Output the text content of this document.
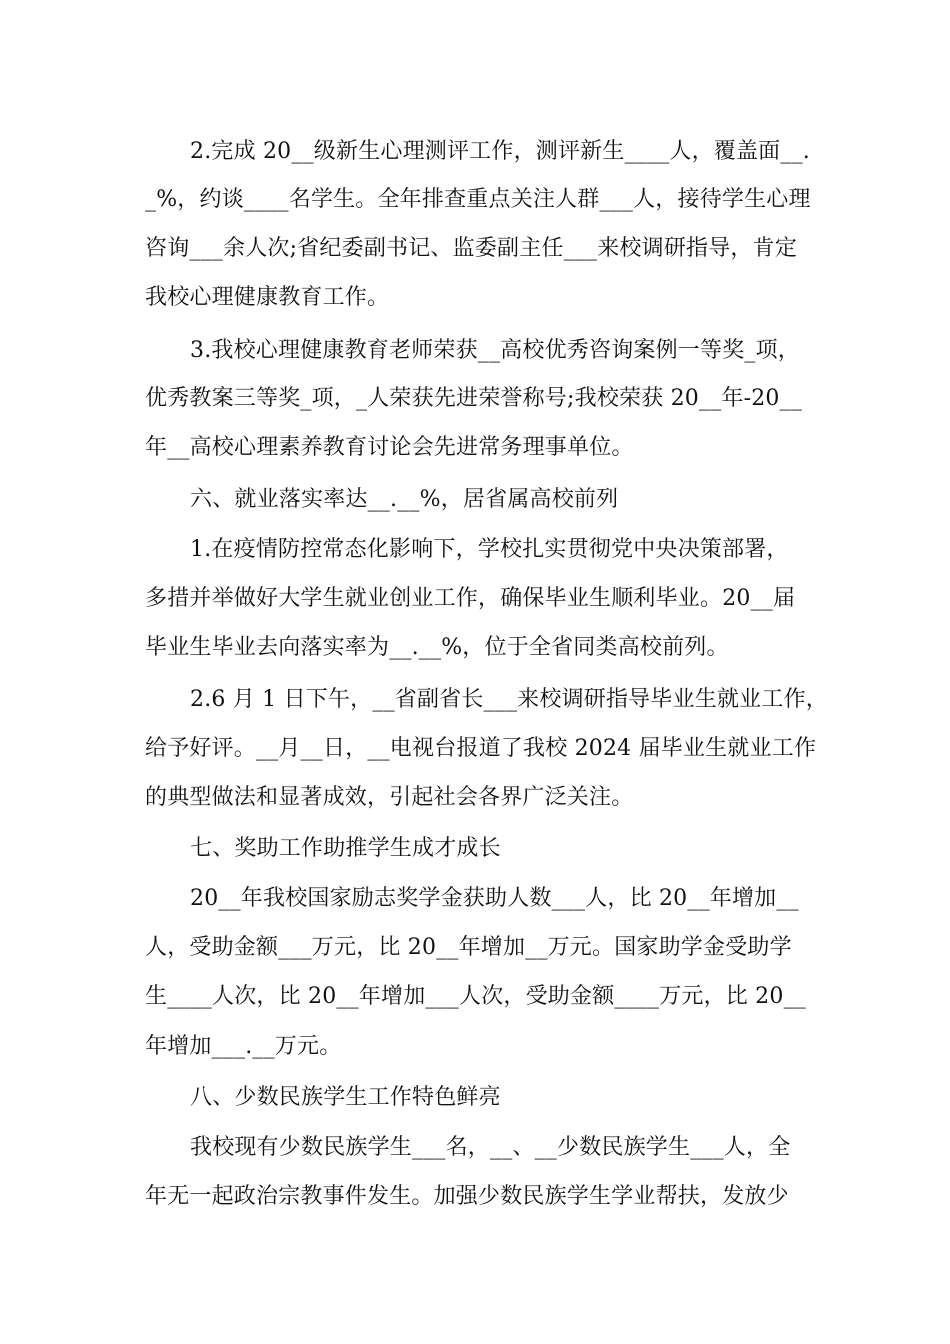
2.完成 20__级新生心理测评工作，测评新生____人，覆盖面__.
_%，约谈____名学生。全年排查重点关注人群___人，接待学生心理
咨询___余人次;省纪委副书记、监委副主任___来校调研指导，肯定
我校心理健康教育工作。
3.我校心理健康教育老师荣获__高校优秀咨询案例一等奖_项，
优秀教案三等奖_项，_人荣获先进荣誉称号;我校荣获 20__年-20__
年__高校心理素养教育讨论会先进常务理事单位。
六、就业落实率达__.__%，居省属高校前列
1.在疫情防控常态化影响下，学校扎实贯彻党中央决策部署，
多措并举做好大学生就业创业工作，确保毕业生顺利毕业。20__届
毕业生毕业去向落实率为__.__%，位于全省同类高校前列。
2.6 月 1 日下午，__省副省长___来校调研指导毕业生就业工作，
给予好评。__月__日，__电视台报道了我校 2024 届毕业生就业工作
的典型做法和显著成效，引起社会各界广泛关注。
七、奖助工作助推学生成才成长
20__年我校国家励志奖学金获助人数___人，比 20__年增加__
人，受助金额___万元，比 20__年增加__万元。国家助学金受助学
生____人次，比 20__年增加___人次，受助金额____万元，比 20__
年增加___.__万元。
八、少数民族学生工作特色鲜亮
我校现有少数民族学生___名，__、__少数民族学生___人，全
年无一起政治宗教事件发生。加强少数民族学生学业帮扶，发放少
